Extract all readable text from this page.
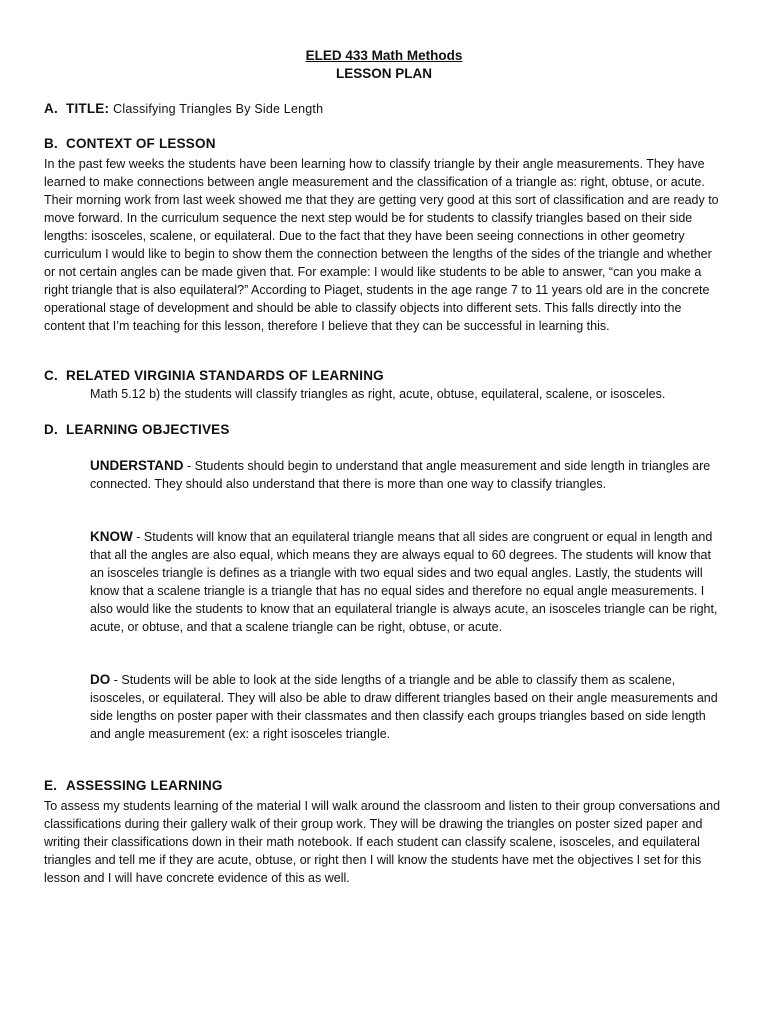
ELED 433 Math Methods
LESSON PLAN
A. TITLE: Classifying Triangles By Side Length
B. CONTEXT OF LESSON
In the past few weeks the students have been learning how to classify triangle by their angle measurements. They have learned to make connections between angle measurement and the classification of a triangle as: right, obtuse, or acute. Their morning work from last week showed me that they are getting very good at this sort of classification and are ready to move forward. In the curriculum sequence the next step would be for students to classify triangles based on their side lengths: isosceles, scalene, or equilateral. Due to the fact that they have been seeing connections in other geometry curriculum I would like to begin to show them the connection between the lengths of the sides of the triangle and whether or not certain angles can be made given that. For example: I would like students to be able to answer, “can you make a right triangle that is also equilateral?” According to Piaget, students in the age range 7 to 11 years old are in the concrete operational stage of development and should be able to classify objects into different sets. This falls directly into the content that I’m teaching for this lesson, therefore I believe that they can be successful in learning this.
C. RELATED VIRGINIA STANDARDS OF LEARNING
Math 5.12 b) the students will classify triangles as right, acute, obtuse, equilateral, scalene, or isosceles.
D. LEARNING OBJECTIVES
UNDERSTAND - Students should begin to understand that angle measurement and side length in triangles are connected. They should also understand that there is more than one way to classify triangles.
KNOW - Students will know that an equilateral triangle means that all sides are congruent or equal in length and that all the angles are also equal, which means they are always equal to 60 degrees. The students will know that an isosceles triangle is defines as a triangle with two equal sides and two equal angles. Lastly, the students will know that a scalene triangle is a triangle that has no equal sides and therefore no equal angle measurements. I also would like the students to know that an equilateral triangle is always acute, an isosceles triangle can be right, acute, or obtuse, and that a scalene triangle can be right, obtuse, or acute.
DO - Students will be able to look at the side lengths of a triangle and be able to classify them as scalene, isosceles, or equilateral. They will also be able to draw different triangles based on their angle measurements and side lengths on poster paper with their classmates and then classify each groups triangles based on side length and angle measurement (ex: a right isosceles triangle.
E. ASSESSING LEARNING
To assess my students learning of the material I will walk around the classroom and listen to their group conversations and classifications during their gallery walk of their group work. They will be drawing the triangles on poster sized paper and writing their classifications down in their math notebook. If each student can classify scalene, isosceles, and equilateral triangles and tell me if they are acute, obtuse, or right then I will know the students have met the objectives I set for this lesson and I will have concrete evidence of this as well.
